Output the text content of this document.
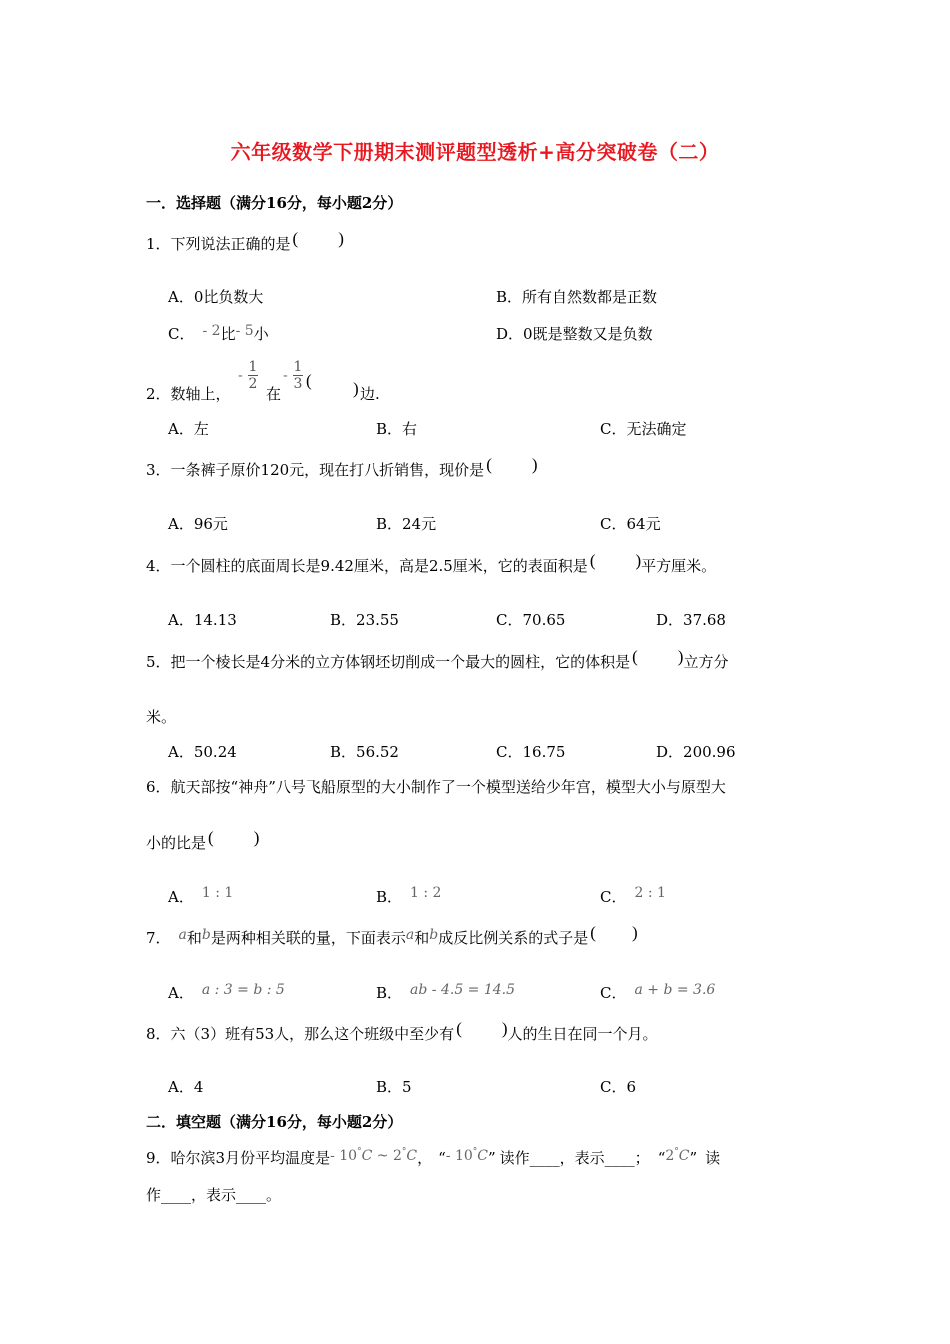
六年级数学下册期末测评题型透析+高分突破卷（二）
一．选择题（满分16分，每小题2分）
1．下列说法正确的是 ( )
A．0比负数大	B．所有自然数都是正数
C． - 2比- 5小	D．0既是整数又是负数
2．数轴上，
- $\frac{1}{2}$
在
- $\frac{1}{3}$ ( ) 边.
A．左	B．右	C．无法确定
3．一条裤子原价120元，现在打八折销售，现价是 ( )
A．96元	B．24元	C．64元
4．一个圆柱的底面周长是9.42厘米，高是2.5厘米，它的表面积是 ( )平方厘米。
A．14.13	B．23.55	C．70.65	D．37.68
5．把一个棱长是4分米的立方体钢坯切削成一个最大的圆柱，它的体积是 ( )立方分
米。
A．50.24	B．56.52	C．16.75	D．200.96
6．航天部按“神舟”八号飞船原型的大小制作了一个模型送给少年宫，模型大小与原型大
小的比是 ( )
A． 1 : 1	B． 1 : 2	C． 2 : 1
7． a和b是两种相关联的量，下面表示a和b成反比例关系的式子是 ( )
A． a : 3 = b : 5	B． ab - 4.5 = 14.5	C． a + b = 3.6
8．六（3）班有53人，那么这个班级中至少有 ( )人的生日在同一个月。
A．4	B．5	C．6
二．填空题（满分16分，每小题2分）
9．哈尔滨3月份平均温度是- 10°C ~ 2°C， “- 10°C” 读作____，表示____； “2°C” 读
作____，表示____。
